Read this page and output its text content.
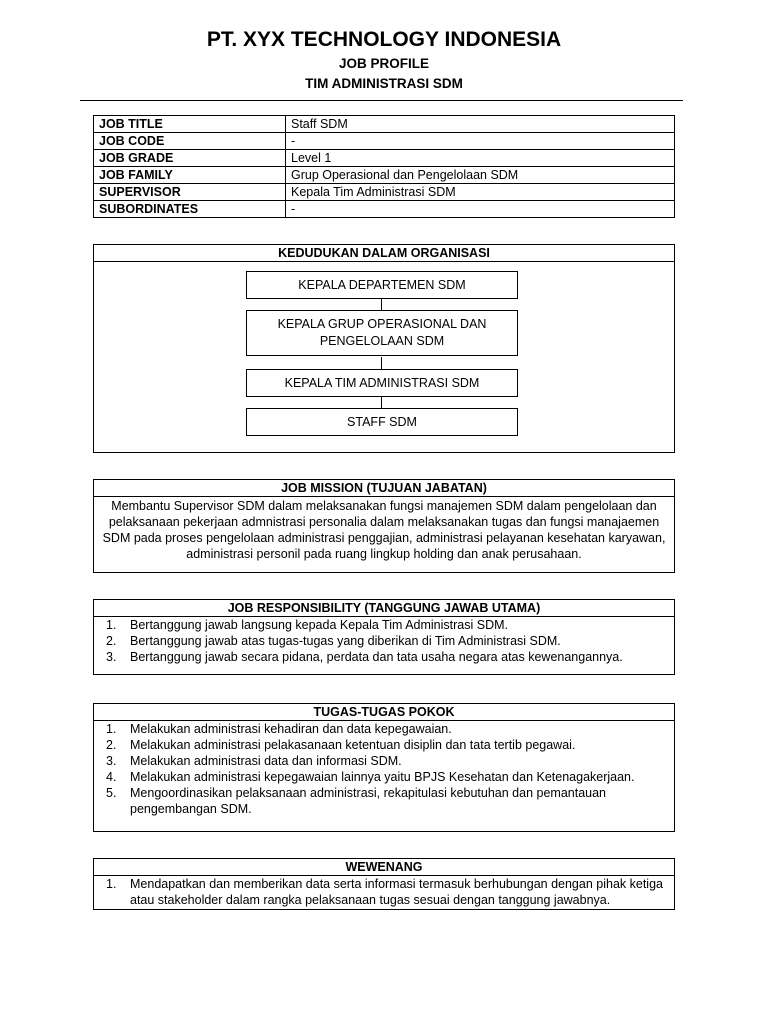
PT. XYX TECHNOLOGY INDONESIA
JOB PROFILE
TIM ADMINISTRASI SDM
JOB TITLE	Staff SDM
JOB CODE	-
JOB GRADE	Level 1
JOB FAMILY	Grup Operasional dan Pengelolaan SDM
SUPERVISOR	Kepala Tim Administrasi SDM
SUBORDINATES	-
KEDUDUKAN DALAM ORGANISASI
KEPALA DEPARTEMEN SDM
KEPALA GRUP OPERASIONAL DAN PENGELOLAAN SDM
KEPALA TIM ADMINISTRASI SDM
STAFF SDM
JOB MISSION (TUJUAN JABATAN)
Membantu Supervisor SDM dalam melaksanakan fungsi manajemen SDM dalam pengelolaan dan pelaksanaan pekerjaan admnistrasi personalia dalam melaksanakan tugas dan fungsi manajaemen SDM pada proses pengelolaan administrasi penggajian, administrasi pelayanan kesehatan karyawan, administrasi personil pada ruang lingkup holding dan anak perusahaan.
JOB RESPONSIBILITY (TANGGUNG JAWAB UTAMA)
1. Bertanggung jawab langsung kepada Kepala Tim Administrasi SDM.
2. Bertanggung jawab atas tugas-tugas yang diberikan di Tim Administrasi SDM.
3. Bertanggung jawab secara pidana, perdata dan tata usaha negara atas kewenangannya.
TUGAS-TUGAS POKOK
1. Melakukan administrasi kehadiran dan data kepegawaian.
2. Melakukan administrasi pelakasanaan ketentuan disiplin dan tata tertib pegawai.
3. Melakukan administrasi data dan informasi SDM.
4. Melakukan administrasi kepegawaian lainnya yaitu BPJS Kesehatan dan Ketenagakerjaan.
5. Mengoordinasikan pelaksanaan administrasi, rekapitulasi kebutuhan dan pemantauan pengembangan SDM.
WEWENANG
1. Mendapatkan dan memberikan data serta informasi termasuk berhubungan dengan pihak ketiga atau stakeholder dalam rangka pelaksanaan tugas sesuai dengan tanggung jawabnya.
